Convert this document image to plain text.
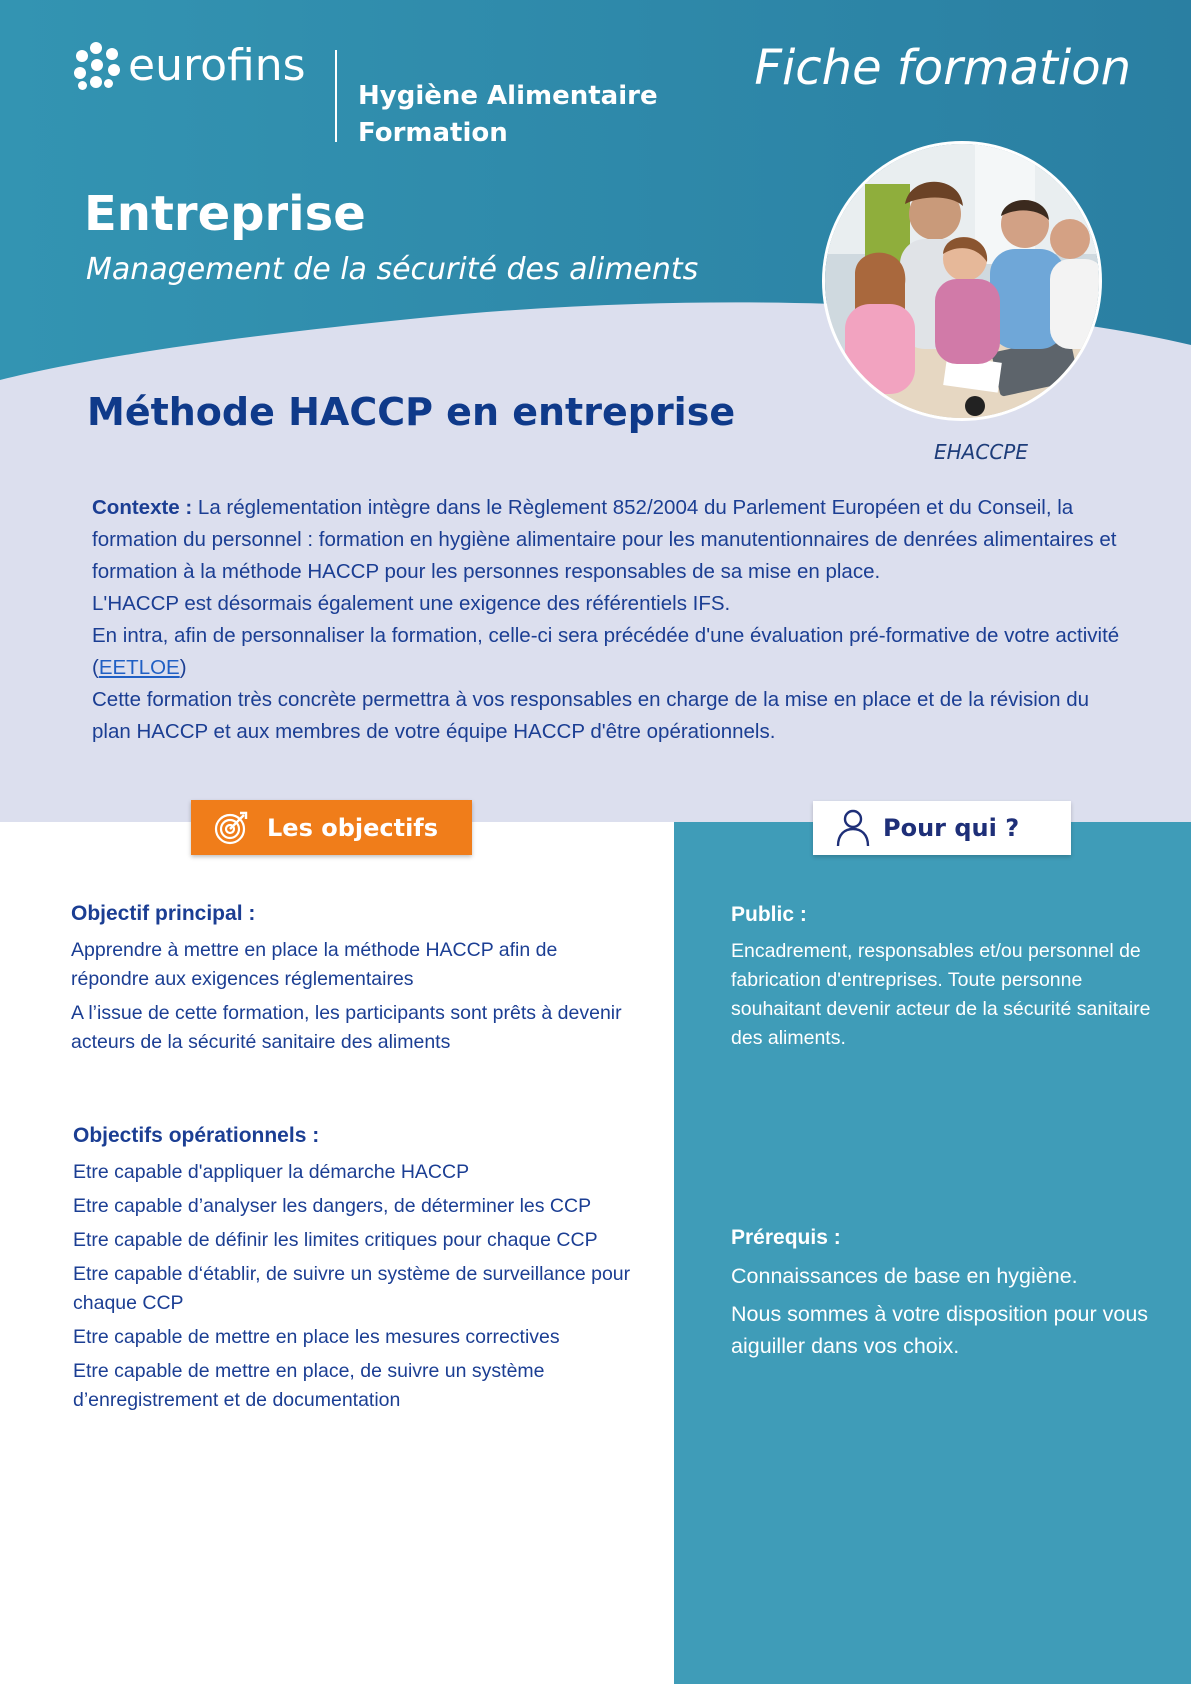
eurofins
Hygiène Alimentaire
Formation
Fiche formation
Entreprise
Management de la sécurité des aliments
EHACCPE
Méthode HACCP en entreprise

Contexte : La réglementation intègre dans le Règlement 852/2004 du Parlement Européen et du Conseil, la formation du personnel : formation en hygiène alimentaire pour les manutentionnaires de denrées alimentaires et formation à la méthode HACCP pour les personnes responsables de sa mise en place.

L'HACCP est désormais également une exigence des référentiels IFS.

En intra, afin de personnaliser la formation, celle-ci sera précédée d'une évaluation pré-formative de votre activité (EETLOE)

Cette formation très concrète permettra à vos responsables en charge de la mise en place et de la révision du plan HACCP et aux membres de votre équipe HACCP d'être opérationnels.

Les objectifs	Pour qui ?
Objectif principal :

Apprendre à mettre en place la méthode HACCP afin de répondre aux exigences réglementaires

A l’issue de cette formation, les participants sont prêts à devenir acteurs de la sécurité sanitaire des aliments

Objectifs opérationnels :

Etre capable d'appliquer la démarche HACCP

Etre capable d’analyser les dangers, de déterminer les CCP

Etre capable de définir les limites critiques pour chaque CCP

Etre capable d‘établir, de suivre un système de surveillance pour chaque CCP

Etre capable de mettre en place les mesures correctives

Etre capable de mettre en place, de suivre un système d’enregistrement et de documentation

Public :
Encadrement, responsables et/ou personnel de fabrication d'entreprises. Toute personne souhaitant devenir acteur de la sécurité sanitaire des aliments.
Prérequis :
Connaissances de base en hygiène.
Nous sommes à votre disposition pour vous aiguiller dans vos choix.
